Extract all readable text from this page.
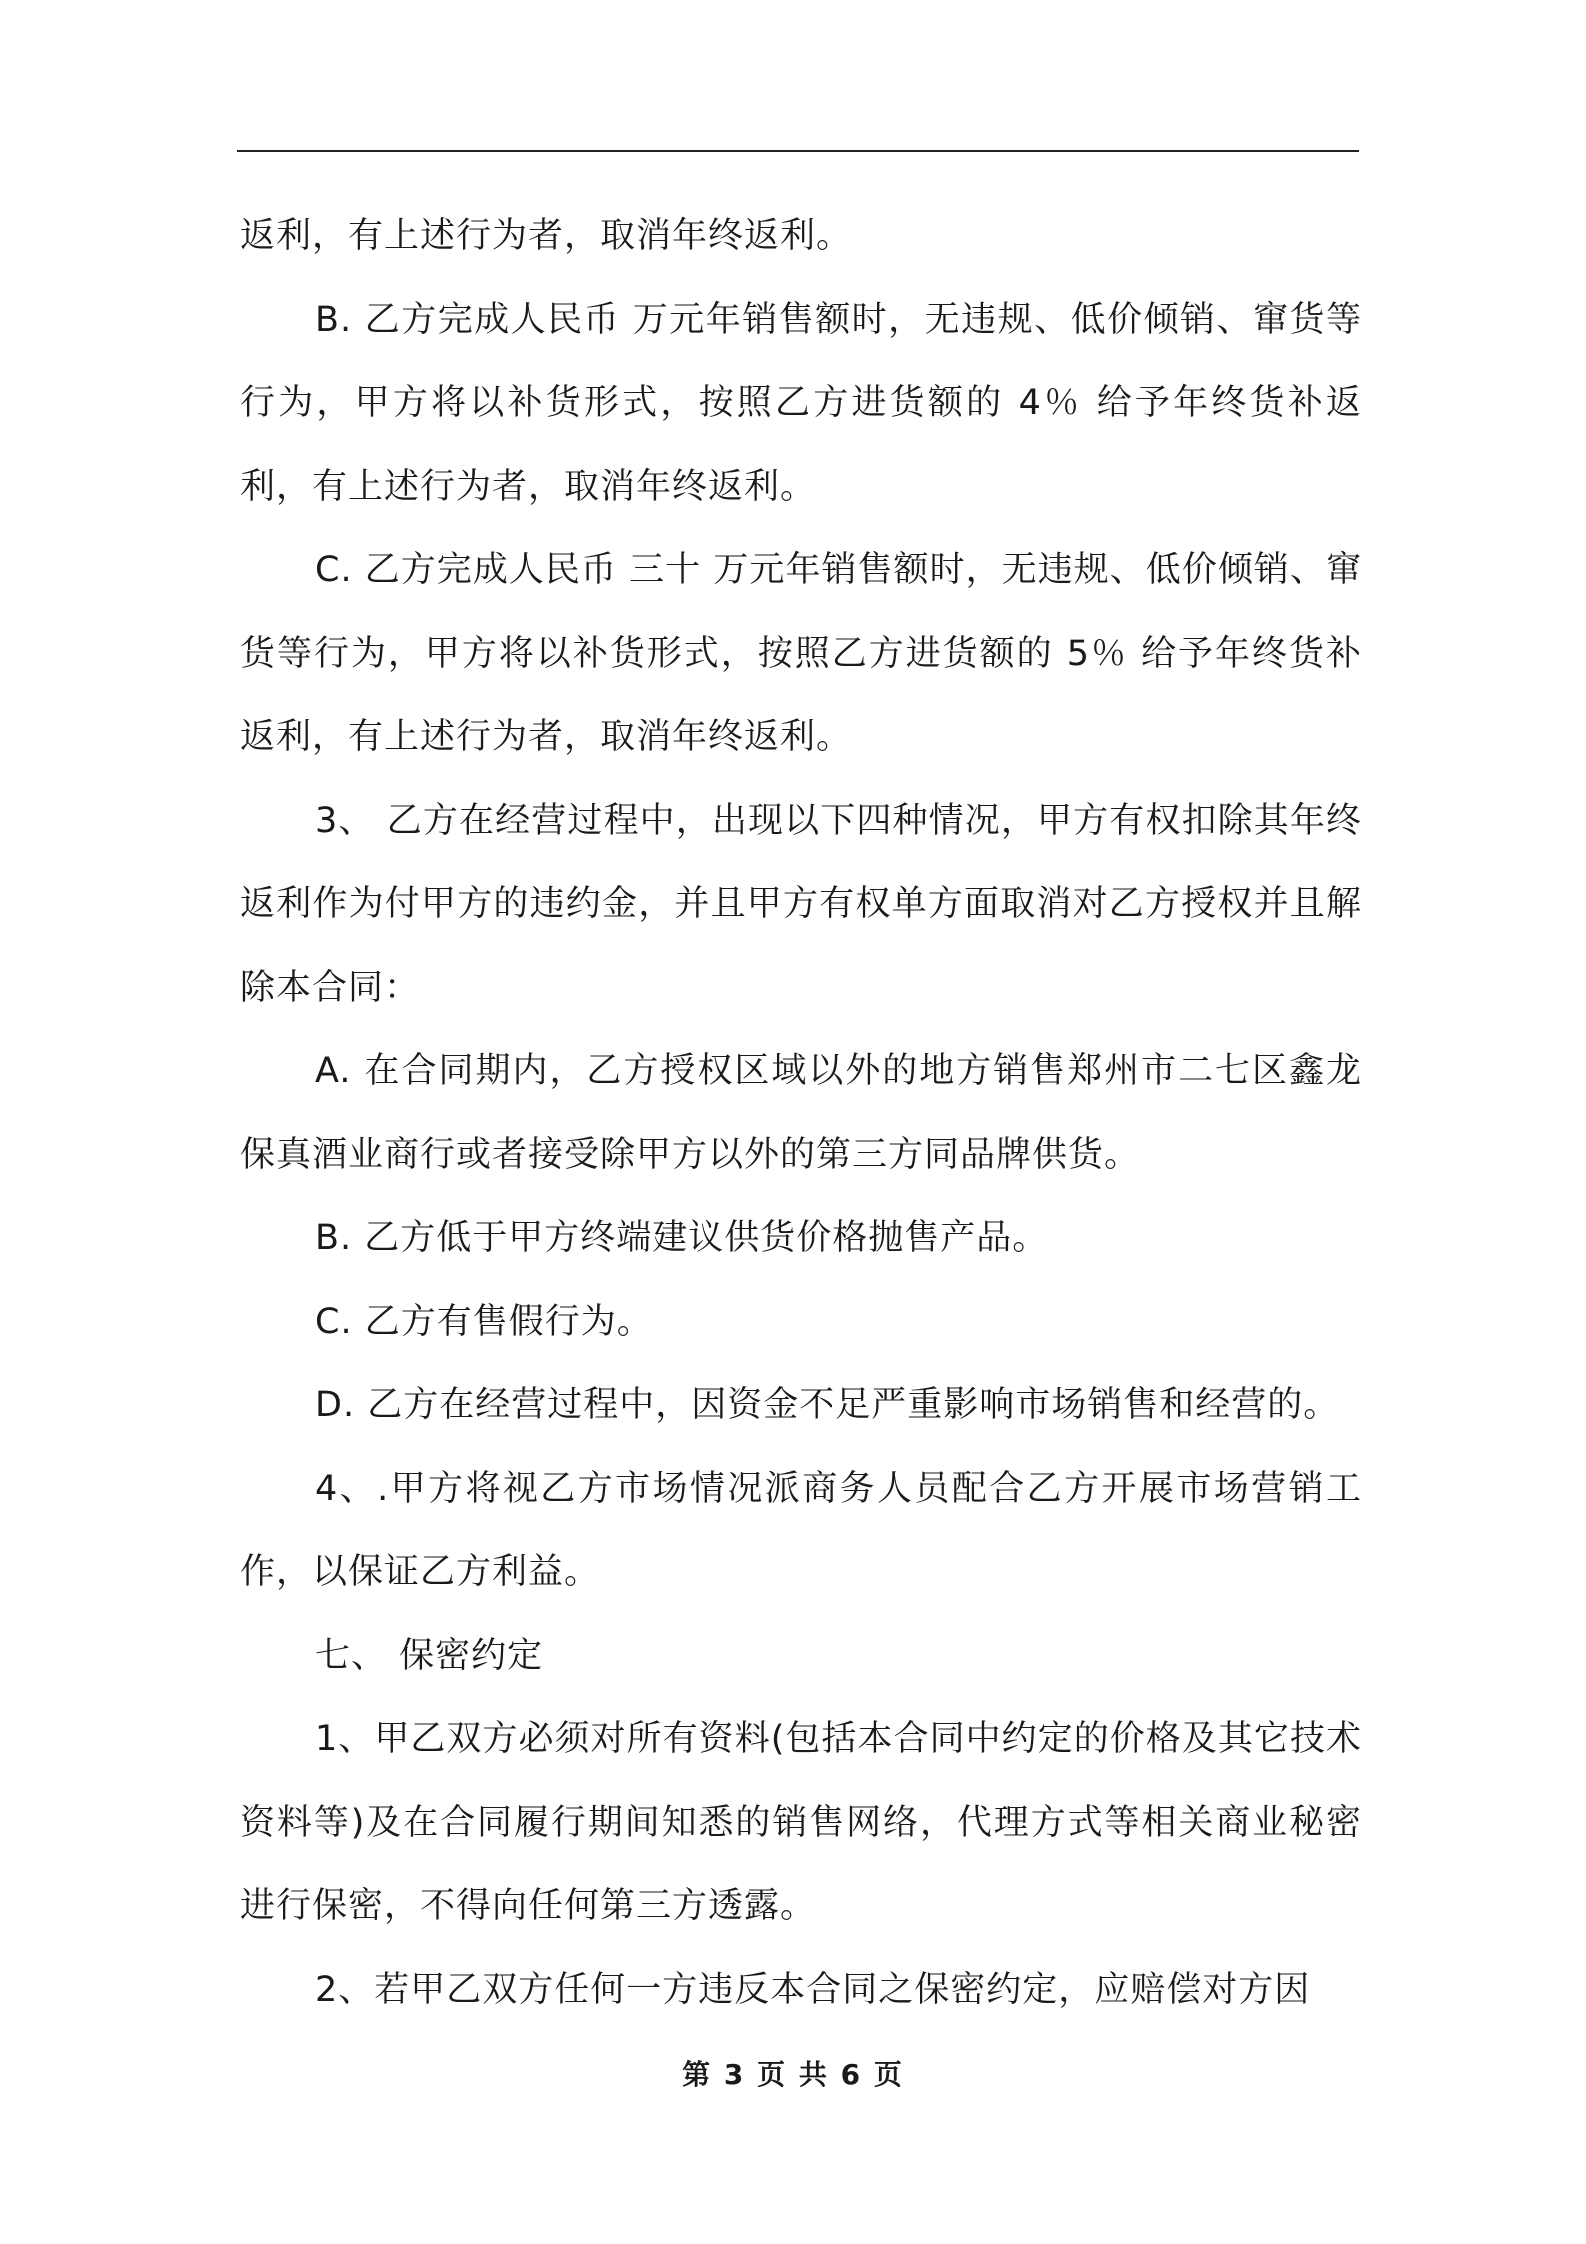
返利，有上述行为者，取消年终返利。

B. 乙方完成人民币 万元年销售额时，无违规、低价倾销、窜货等行为，甲方将以补货形式，按照乙方进货额的 4％ 给予年终货补返利，有上述行为者，取消年终返利。

C. 乙方完成人民币 三十 万元年销售额时，无违规、低价倾销、窜货等行为，甲方将以补货形式，按照乙方进货额的 5％ 给予年终货补返利，有上述行为者，取消年终返利。

3、 乙方在经营过程中，出现以下四种情况，甲方有权扣除其年终返利作为付甲方的违约金，并且甲方有权单方面取消对乙方授权并且解除本合同：

A. 在合同期内，乙方授权区域以外的地方销售郑州市二七区鑫龙保真酒业商行或者接受除甲方以外的第三方同品牌供货。

B. 乙方低于甲方终端建议供货价格抛售产品。

C. 乙方有售假行为。

D. 乙方在经营过程中，因资金不足严重影响市场销售和经营的。

4、.甲方将视乙方市场情况派商务人员配合乙方开展市场营销工作，以保证乙方利益。

七、 保密约定

1、甲乙双方必须对所有资料(包括本合同中约定的价格及其它技术资料等)及在合同履行期间知悉的销售网络，代理方式等相关商业秘密进行保密，不得向任何第三方透露。

2、若甲乙双方任何一方违反本合同之保密约定，应赔偿对方因

第 3 页 共 6 页
